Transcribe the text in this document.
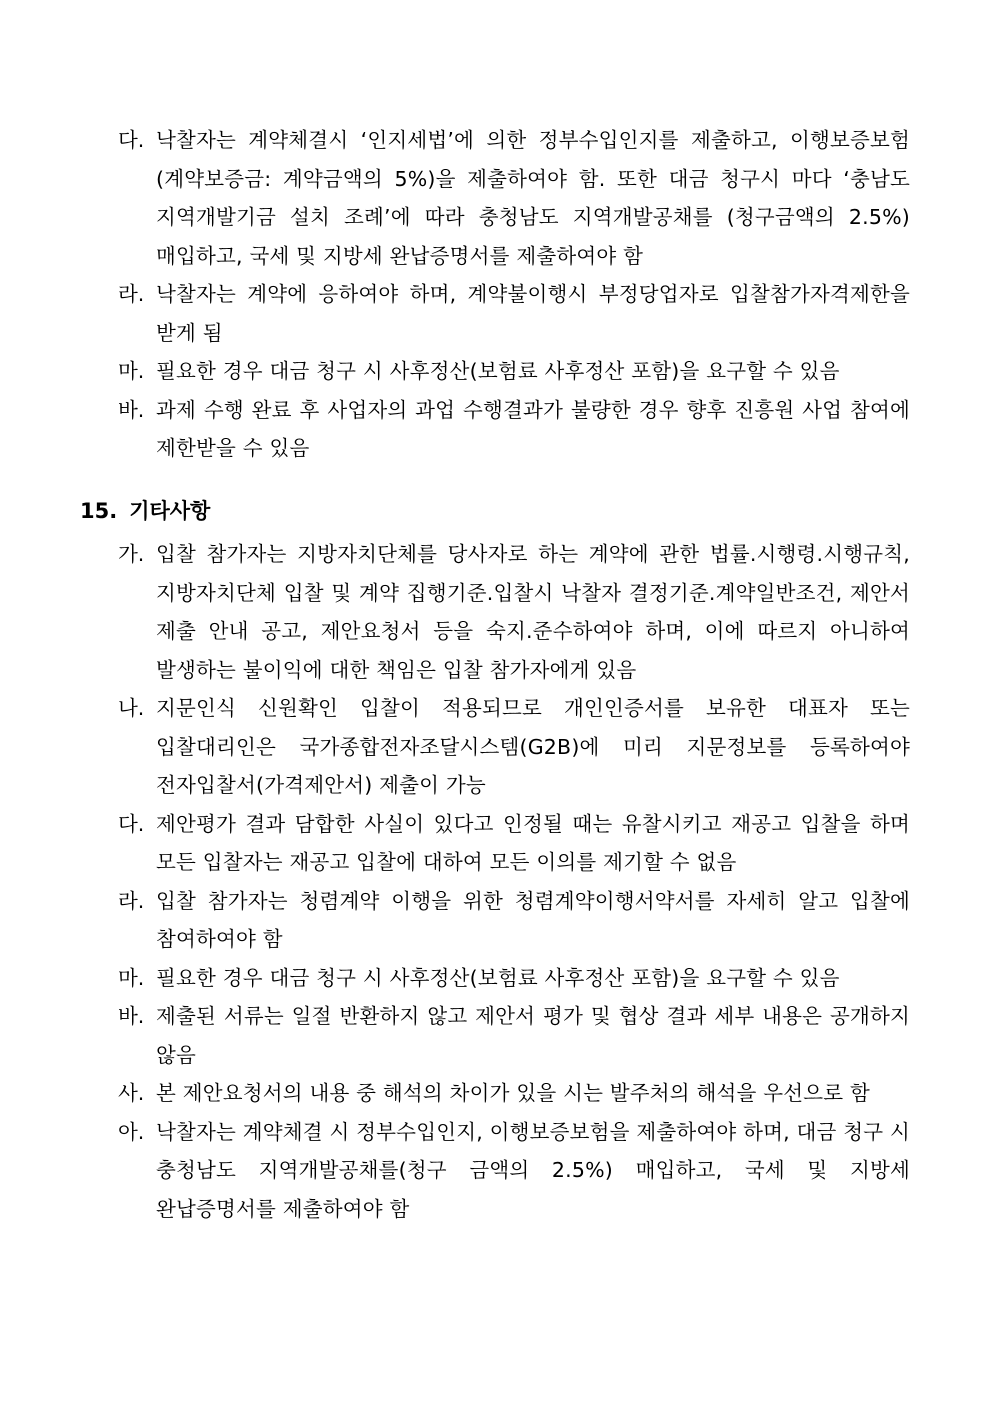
다. 낙찰자는 계약체결시 ‘인지세법’에 의한 정부수입인지를 제출하고, 이행보증보험(계약보증금: 계약금액의 5%)을 제출하여야 함. 또한 대금 청구시 마다 ‘충남도 지역개발기금 설치 조례’에 따라 충청남도 지역개발공채를 (청구금액의 2.5%) 매입하고, 국세 및 지방세 완납증명서를 제출하여야 함
라. 낙찰자는 계약에 응하여야 하며, 계약불이행시 부정당업자로 입찰참가자격제한을 받게 됨
마. 필요한 경우 대금 청구 시 사후정산(보험료 사후정산 포함)을 요구할 수 있음
바. 과제 수행 완료 후 사업자의 과업 수행결과가 불량한 경우 향후 진흥원 사업 참여에 제한받을 수 있음
15. 기타사항
가. 입찰 참가자는 지방자치단체를 당사자로 하는 계약에 관한 법률.시행령.시행규칙, 지방자치단체 입찰 및 계약 집행기준.입찰시 낙찰자 결정기준.계약일반조건, 제안서 제출 안내 공고, 제안요청서 등을 숙지.준수하여야 하며, 이에 따르지 아니하여 발생하는 불이익에 대한 책임은 입찰 참가자에게 있음
나. 지문인식 신원확인 입찰이 적용되므로 개인인증서를 보유한 대표자 또는 입찰대리인은 국가종합전자조달시스템(G2B)에 미리 지문정보를 등록하여야 전자입찰서(가격제안서) 제출이 가능
다. 제안평가 결과 담합한 사실이 있다고 인정될 때는 유찰시키고 재공고 입찰을 하며 모든 입찰자는 재공고 입찰에 대하여 모든 이의를 제기할 수 없음
라. 입찰 참가자는 청렴계약 이행을 위한 청렴계약이행서약서를 자세히 알고 입찰에 참여하여야 함
마. 필요한 경우 대금 청구 시 사후정산(보험료 사후정산 포함)을 요구할 수 있음
바. 제출된 서류는 일절 반환하지 않고 제안서 평가 및 협상 결과 세부 내용은 공개하지 않음
사. 본 제안요청서의 내용 중 해석의 차이가 있을 시는 발주처의 해석을 우선으로 함
아. 낙찰자는 계약체결 시 정부수입인지, 이행보증보험을 제출하여야 하며, 대금 청구 시 충청남도 지역개발공채를(청구 금액의 2.5%) 매입하고, 국세 및 지방세 완납증명서를 제출하여야 함
